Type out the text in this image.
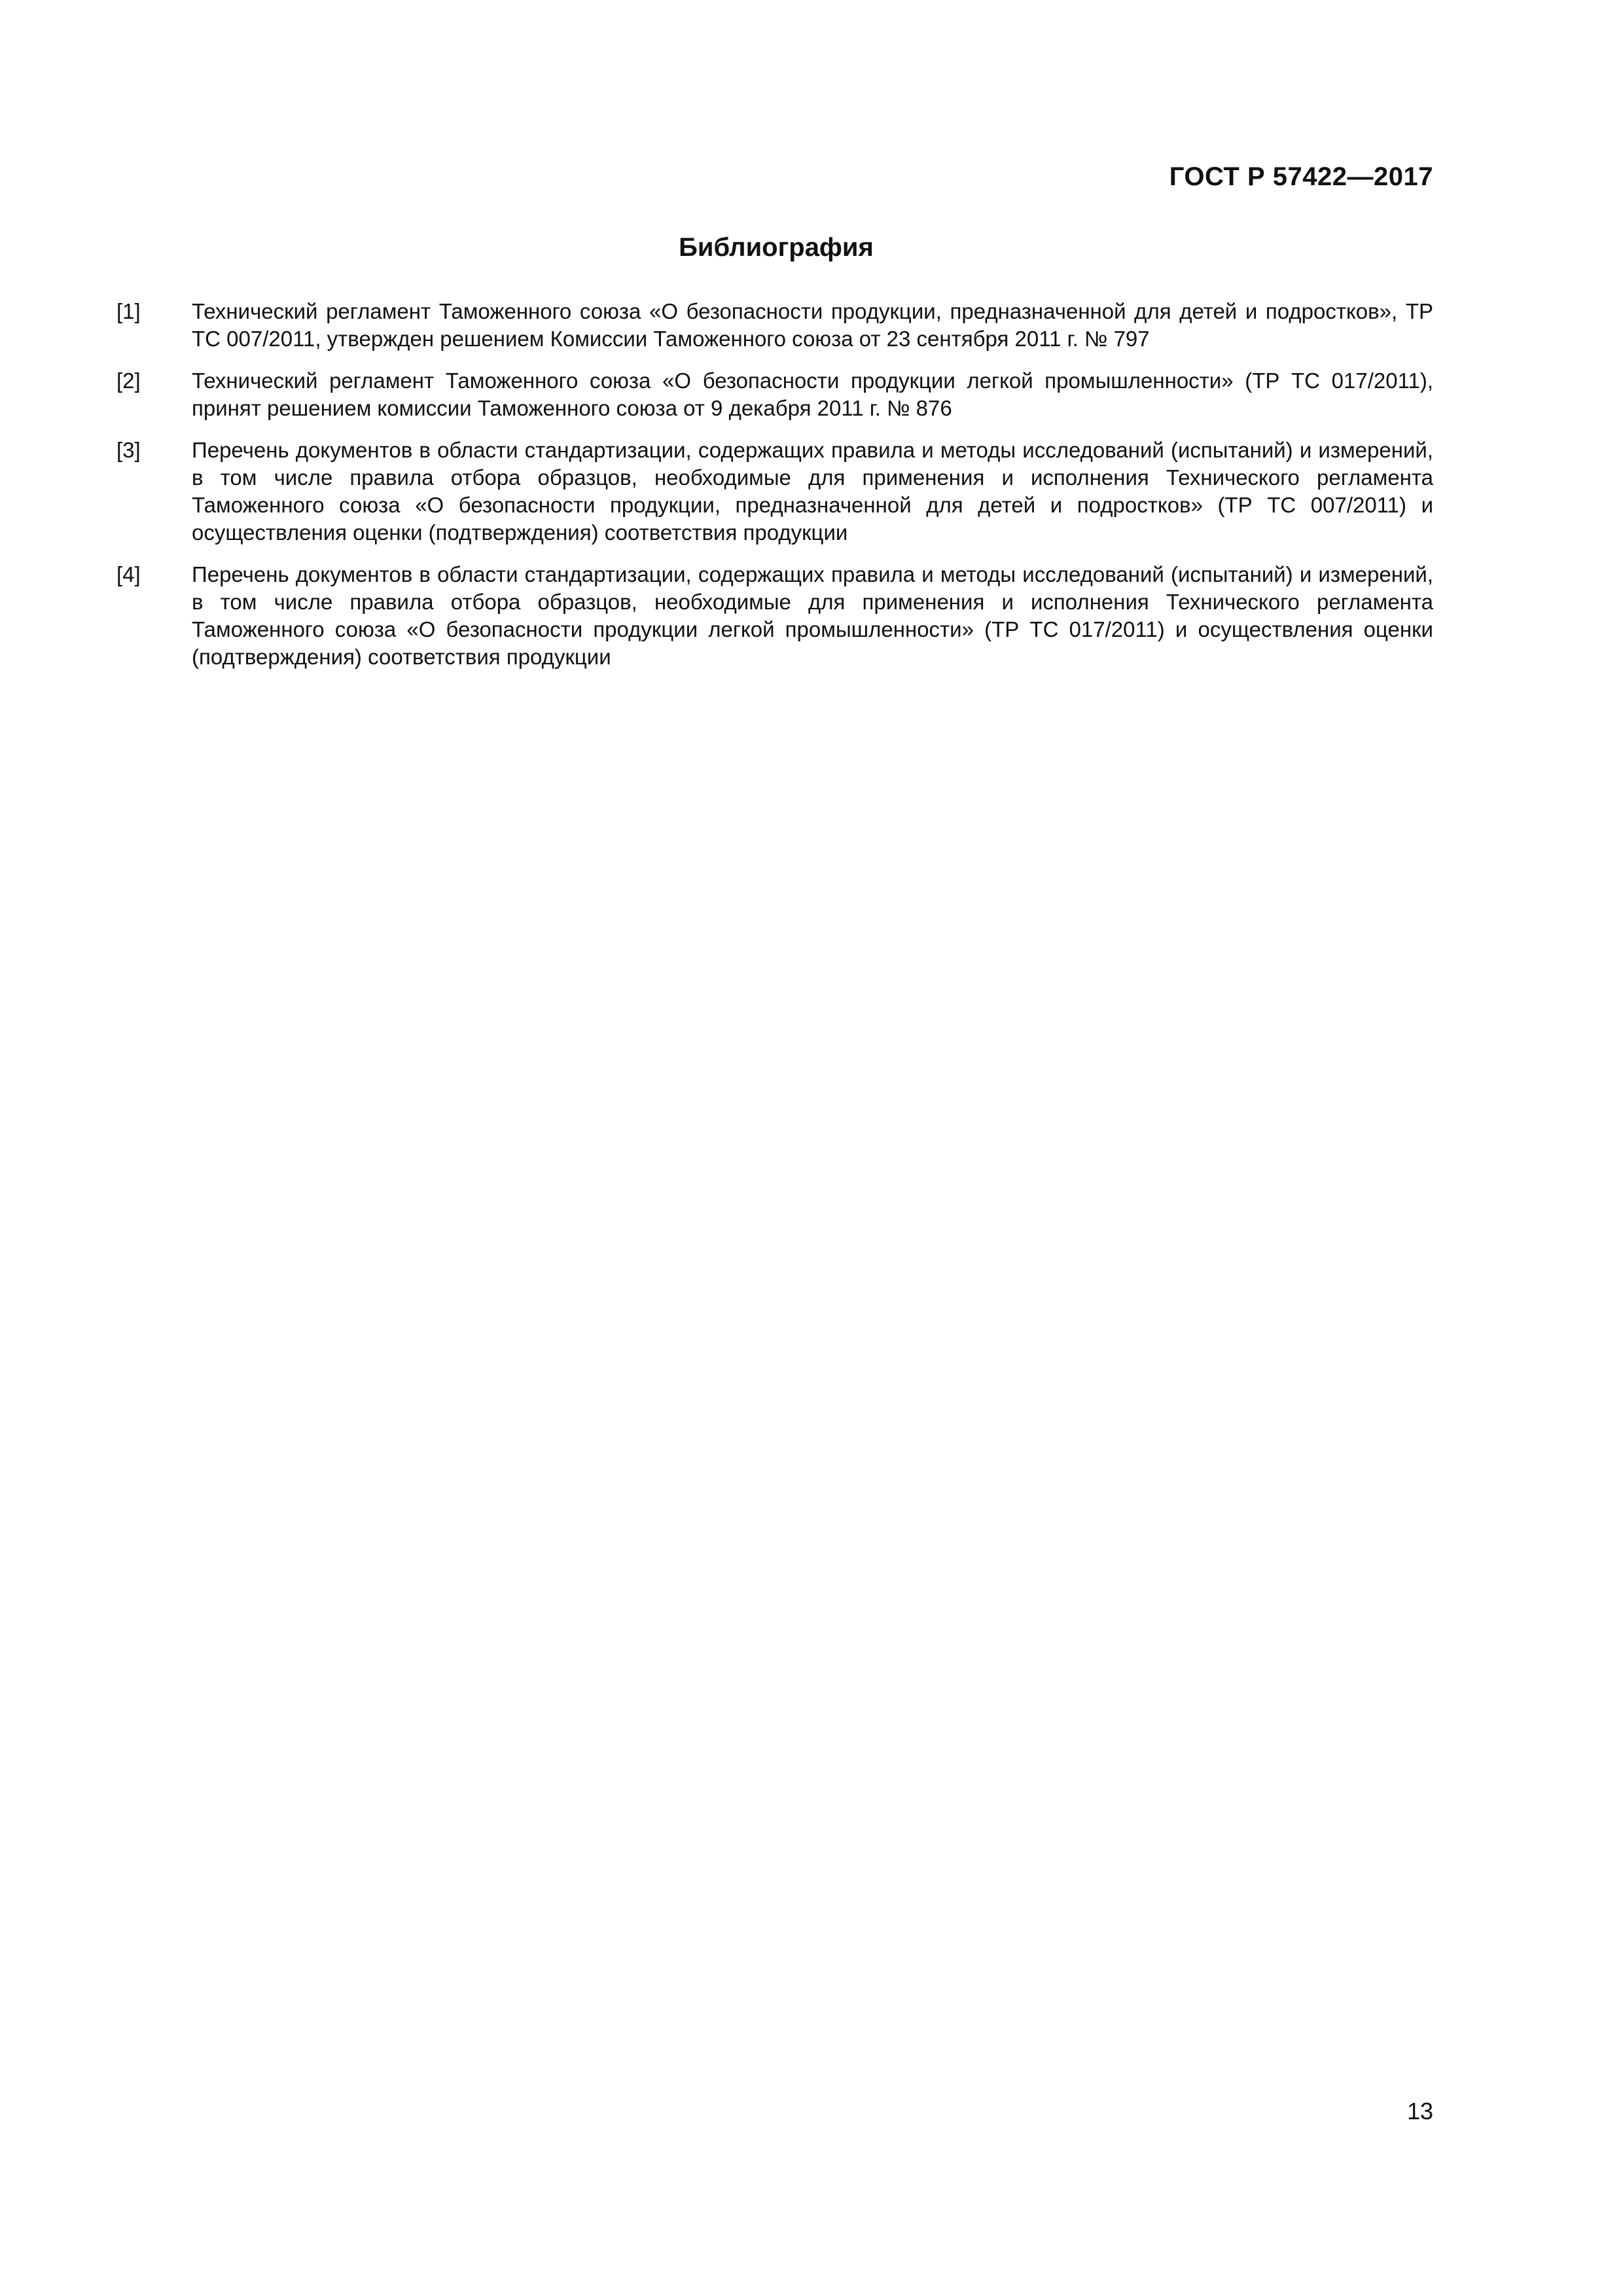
ГОСТ Р 57422—2017
Библиография
[1]	Технический регламент Таможенного союза «О безопасности продукции, предназначенной для детей и подростков», ТР ТС 007/2011, утвержден решением Комиссии Таможенного союза от 23 сентября 2011 г. № 797
[2]	Технический регламент Таможенного союза «О безопасности продукции легкой промышленности» (ТР ТС 017/2011), принят решением комиссии Таможенного союза от 9 декабря 2011 г. № 876
[3]	Перечень документов в области стандартизации, содержащих правила и методы исследований (испытаний) и измерений, в том числе правила отбора образцов, необходимые для применения и исполнения Технического регламента Таможенного союза «О безопасности продукции, предназначенной для детей и подростков» (ТР ТС 007/2011) и осуществления оценки (подтверждения) соответствия продукции
[4]	Перечень документов в области стандартизации, содержащих правила и методы исследований (испытаний) и измерений, в том числе правила отбора образцов, необходимые для применения и исполнения Технического регламента Таможенного союза «О безопасности продукции легкой промышленности» (ТР ТС 017/2011) и осуществления оценки (подтверждения) соответствия продукции
13
